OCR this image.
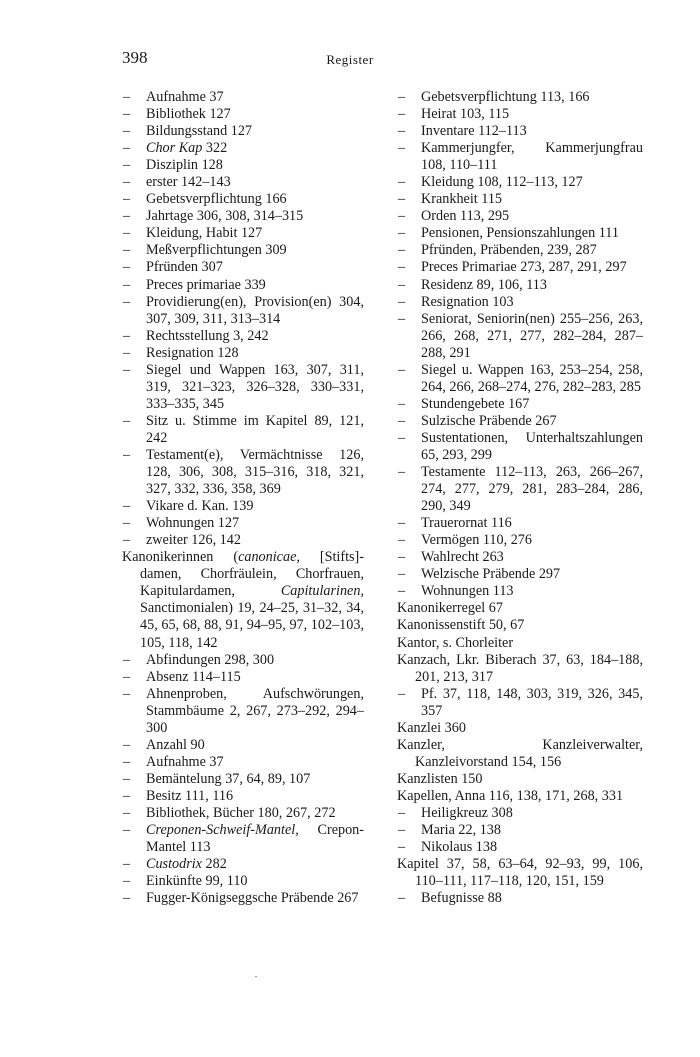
398	Register
– Aufnahme 37
– Bibliothek 127
– Bildungsstand 127
– Chor Kap 322
– Disziplin 128
– erster 142–143
– Gebetsverpflichtung 166
– Jahrtage 306, 308, 314–315
– Kleidung, Habit 127
– Meßverpflichtungen 309
– Pfründen 307
– Preces primariae 339
– Providierung(en), Provision(en) 304, 307, 309, 311, 313–314
– Rechtsstellung 3, 242
– Resignation 128
– Siegel und Wappen 163, 307, 311, 319, 321–323, 326–328, 330–331, 333–335, 345
– Sitz u. Stimme im Kapitel 89, 121, 242
– Testament(e), Vermächtnisse 126, 128, 306, 308, 315–316, 318, 321, 327, 332, 336, 358, 369
– Vikare d. Kan. 139
– Wohnungen 127
– zweiter 126, 142
Kanonikerinnen (canonicae, [Stifts]-damen, Chorfräulein, Chorfrauen, Kapitulardamen, Capitularinen, Sanctimonialen) 19, 24–25, 31–32, 34, 45, 65, 68, 88, 91, 94–95, 97, 102–103, 105, 118, 142
– Abfindungen 298, 300
– Absenz 114–115
– Ahnenproben, Aufschwörungen, Stammbäume 2, 267, 273–292, 294–300
– Anzahl 90
– Aufnahme 37
– Bemäntelung 37, 64, 89, 107
– Besitz 111, 116
– Bibliothek, Bücher 180, 267, 272
– Creponen-Schweif-Mantel, Crepon-Mantel 113
– Custodrix 282
– Einkünfte 99, 110
– Fugger-Königseggsche Präbende 267
– Gebetsverpflichtung 113, 166
– Heirat 103, 115
– Inventare 112–113
– Kammerjungfer, Kammerjungfrau 108, 110–111
– Kleidung 108, 112–113, 127
– Krankheit 115
– Orden 113, 295
– Pensionen, Pensionszahlungen 111
– Pfründen, Präbenden, 239, 287
– Preces Primariae 273, 287, 291, 297
– Residenz 89, 106, 113
– Resignation 103
– Seniorat, Seniorin(nen) 255–256, 263, 266, 268, 271, 277, 282–284, 287–288, 291
– Siegel u. Wappen 163, 253–254, 258, 264, 266, 268–274, 276, 282–283, 285
– Stundengebete 167
– Sulzische Präbende 267
– Sustentationen, Unterhaltszahlungen 65, 293, 299
– Testamente 112–113, 263, 266–267, 274, 277, 279, 281, 283–284, 286, 290, 349
– Trauerornat 116
– Vermögen 110, 276
– Wahlrecht 263
– Welzische Präbende 297
– Wohnungen 113
Kanonikerregel 67
Kanonissenstift 50, 67
Kantor, s. Chorleiter
Kanzach, Lkr. Biberach 37, 63, 184–188, 201, 213, 317
– Pf. 37, 118, 148, 303, 319, 326, 345, 357
Kanzlei 360
Kanzler, Kanzleiverwalter, Kanzleivorstand 154, 156
Kanzlisten 150
Kapellen, Anna 116, 138, 171, 268, 331
– Heiligkreuz 308
– Maria 22, 138
– Nikolaus 138
Kapitel 37, 58, 63–64, 92–93, 99, 106, 110–111, 117–118, 120, 151, 159
– Befugnisse 88
